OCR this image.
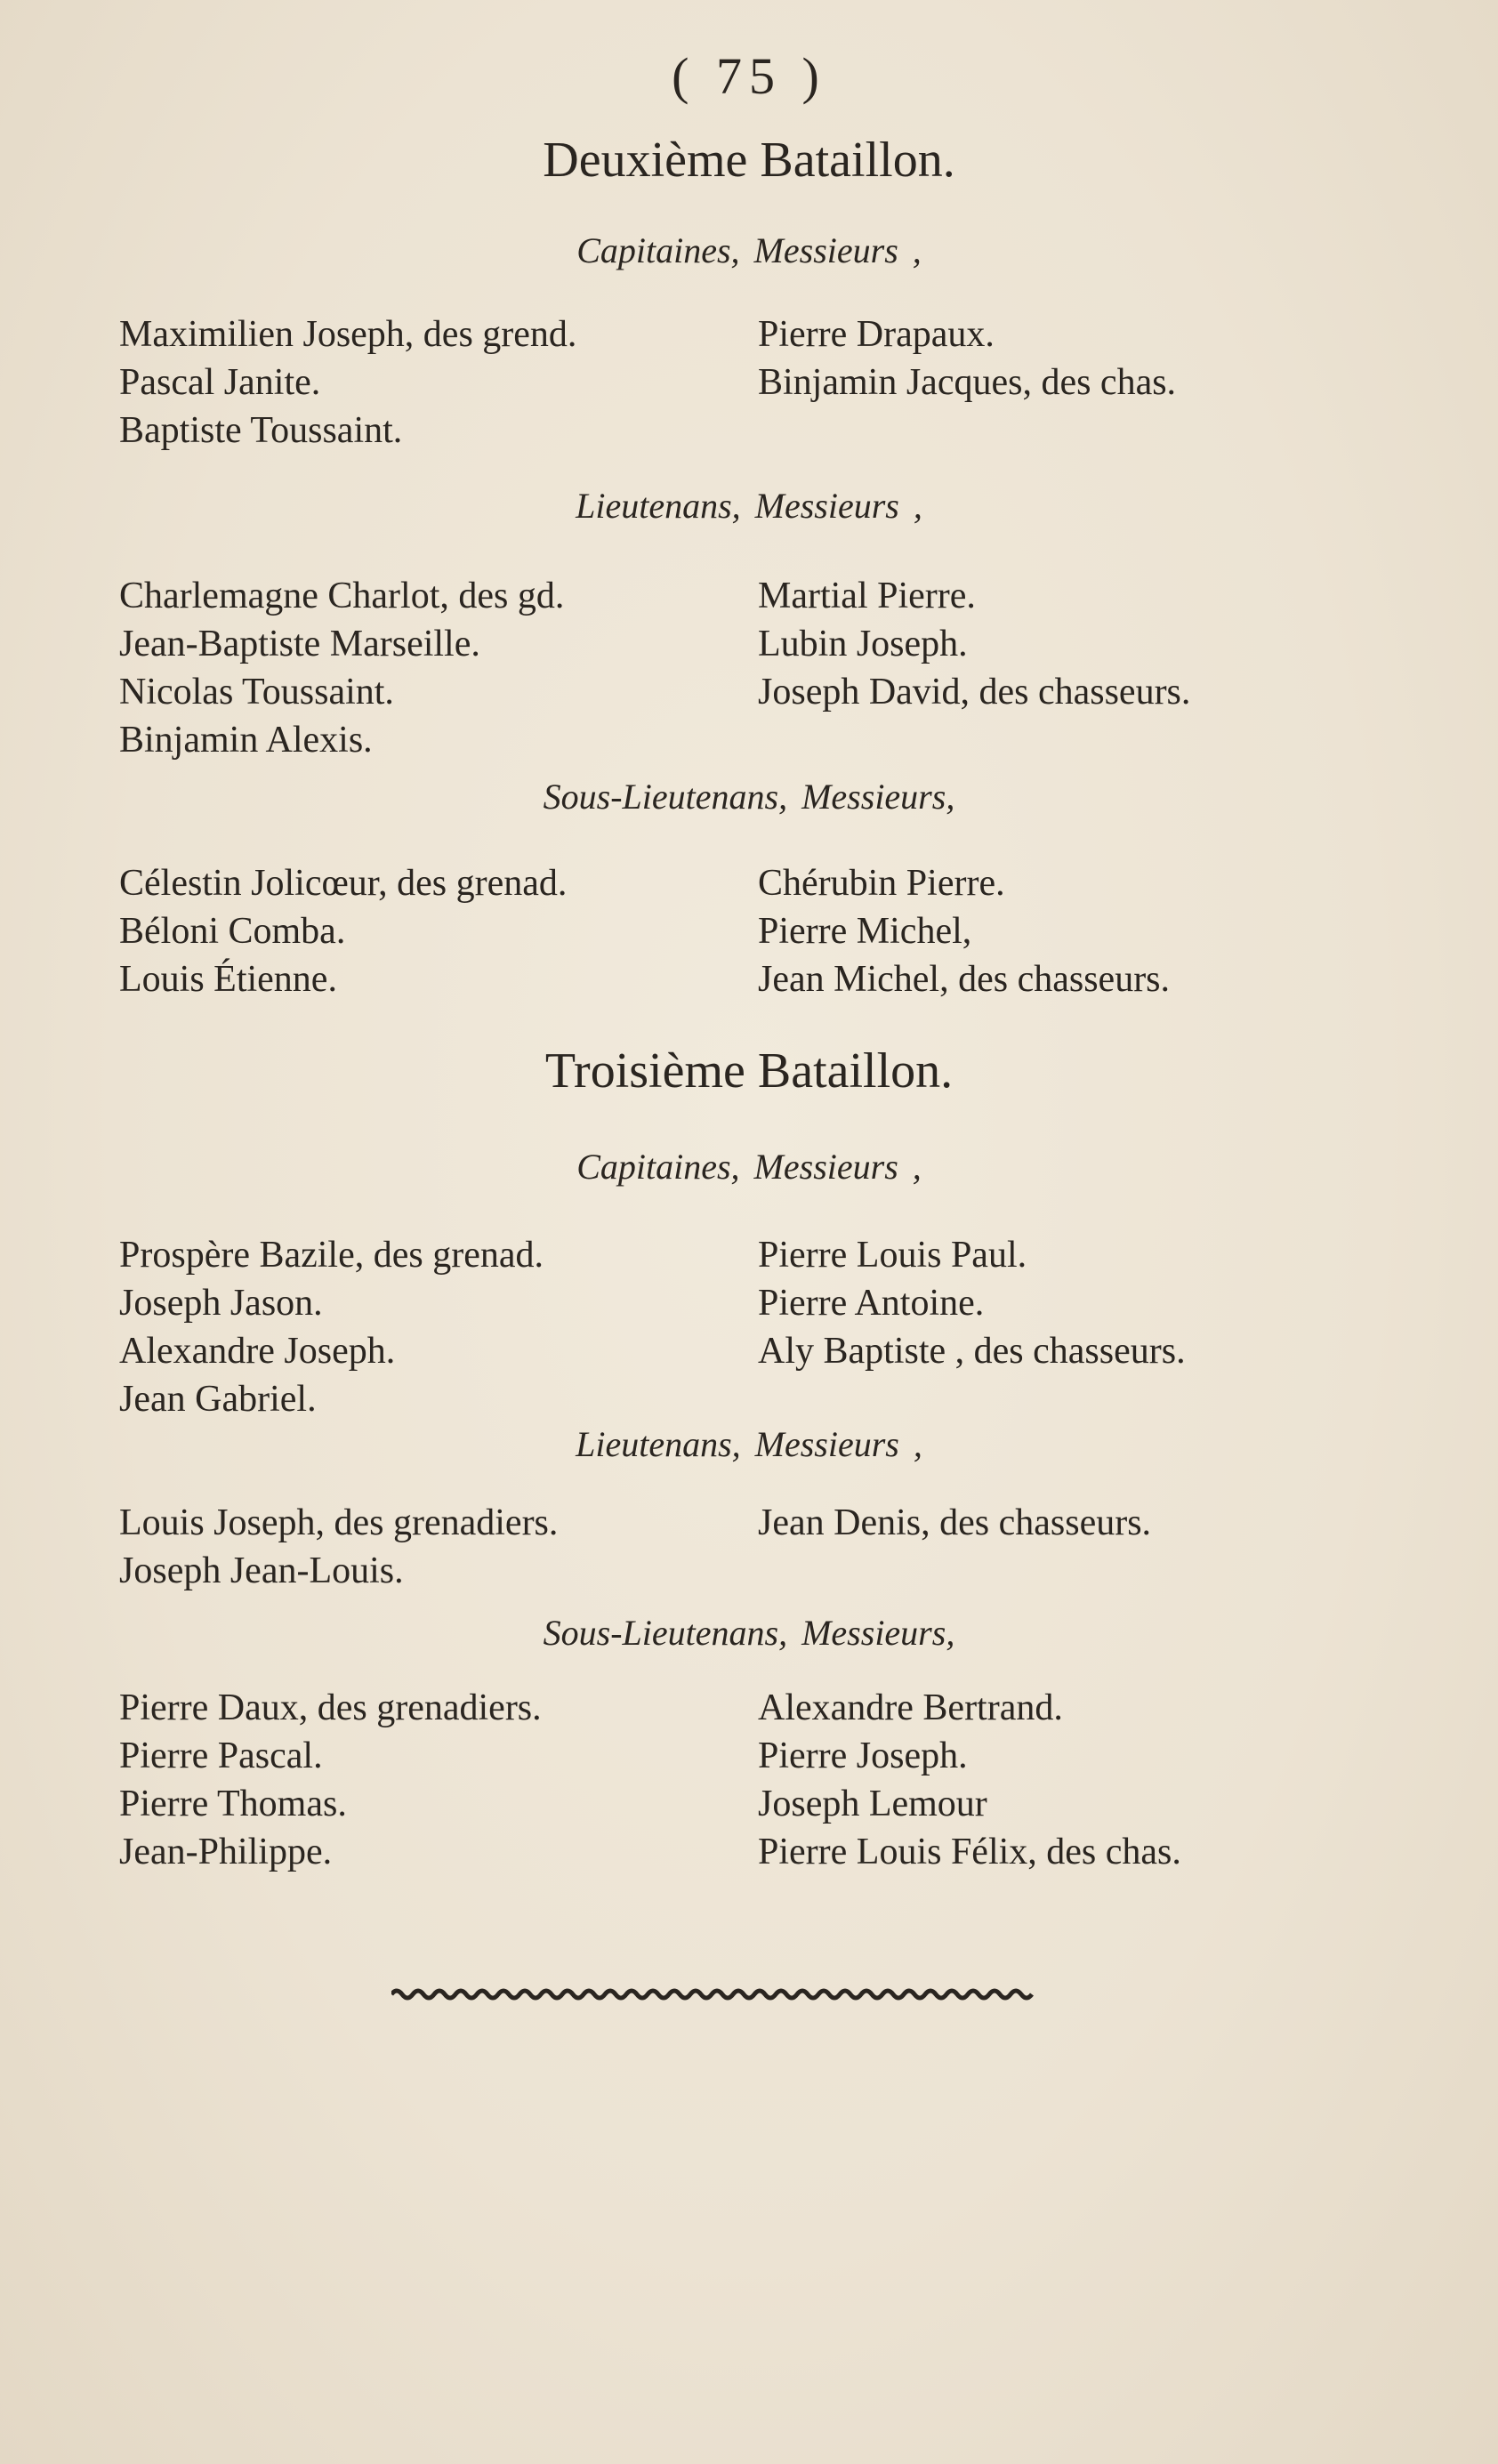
( 75 )
Deuxième Bataillon.
Capitaines, Messieurs ,
Maximilien Joseph, des grend.
Pascal Janite.
Baptiste Toussaint.
Pierre Drapaux.
Binjamin Jacques, des chas.
Lieutenans, Messieurs ,
Charlemagne Charlot, des gd.
Jean-Baptiste Marseille.
Nicolas Toussaint.
Binjamin Alexis.
Martial Pierre.
Lubin Joseph.
Joseph David, des chasseurs.
Sous-Lieutenans, Messieurs,
Célestin Jolicœur, des grenad.
Béloni Comba.
Louis Étienne.
Chérubin Pierre.
Pierre Michel,
Jean Michel, des chasseurs.
Troisième Bataillon.
Capitaines, Messieurs ,
Prospère Bazile, des grenad.
Joseph Jason.
Alexandre Joseph.
Jean Gabriel.
Pierre Louis Paul.
Pierre Antoine.
Aly Baptiste , des chasseurs.
Lieutenans, Messieurs ,
Louis Joseph, des grenadiers.
Joseph Jean-Louis.
Jean Denis, des chasseurs.
Sous-Lieutenans, Messieurs,
Pierre Daux, des grenadiers.
Pierre Pascal.
Pierre Thomas.
Jean-Philippe.
Alexandre Bertrand.
Pierre Joseph.
Joseph Lemour
Pierre Louis Félix, des chas.
